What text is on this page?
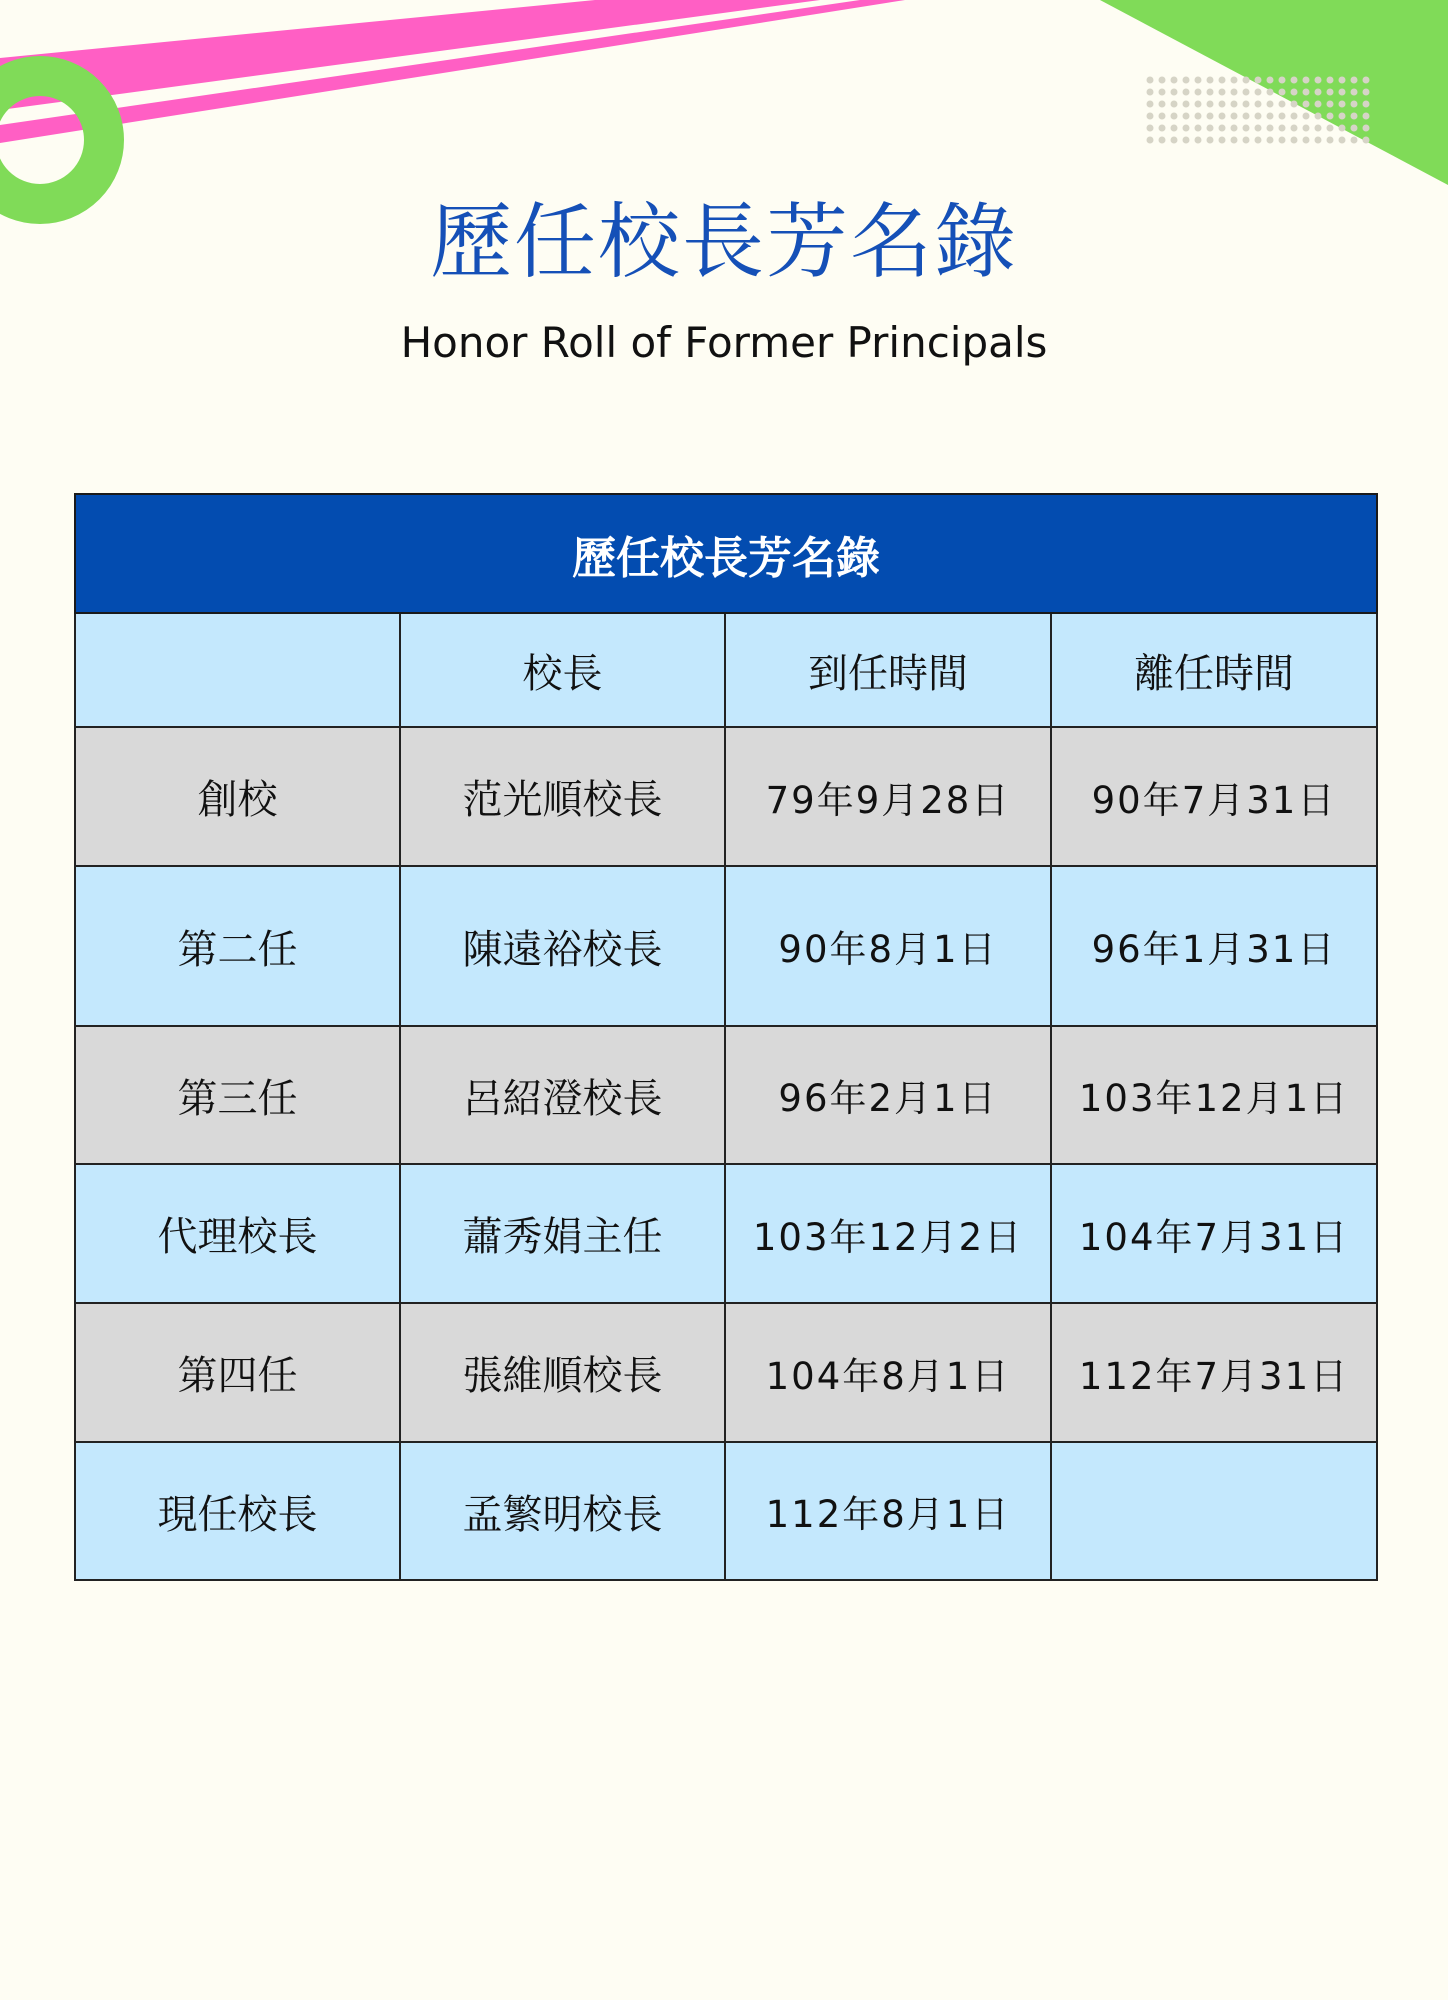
歷任校長芳名錄
Honor Roll of Former Principals
歷任校長芳名錄			
	校長	到任時間	離任時間
創校	范光順校長	79年9月28日	90年7月31日
第二任	陳遠裕校長	90年8月1日	96年1月31日
第三任	呂紹澄校長	96年2月1日	103年12月1日
代理校長	蕭秀娟主任	103年12月2日	104年7月31日
第四任	張維順校長	104年8月1日	112年7月31日
現任校長	孟繁明校長	112年8月1日	
